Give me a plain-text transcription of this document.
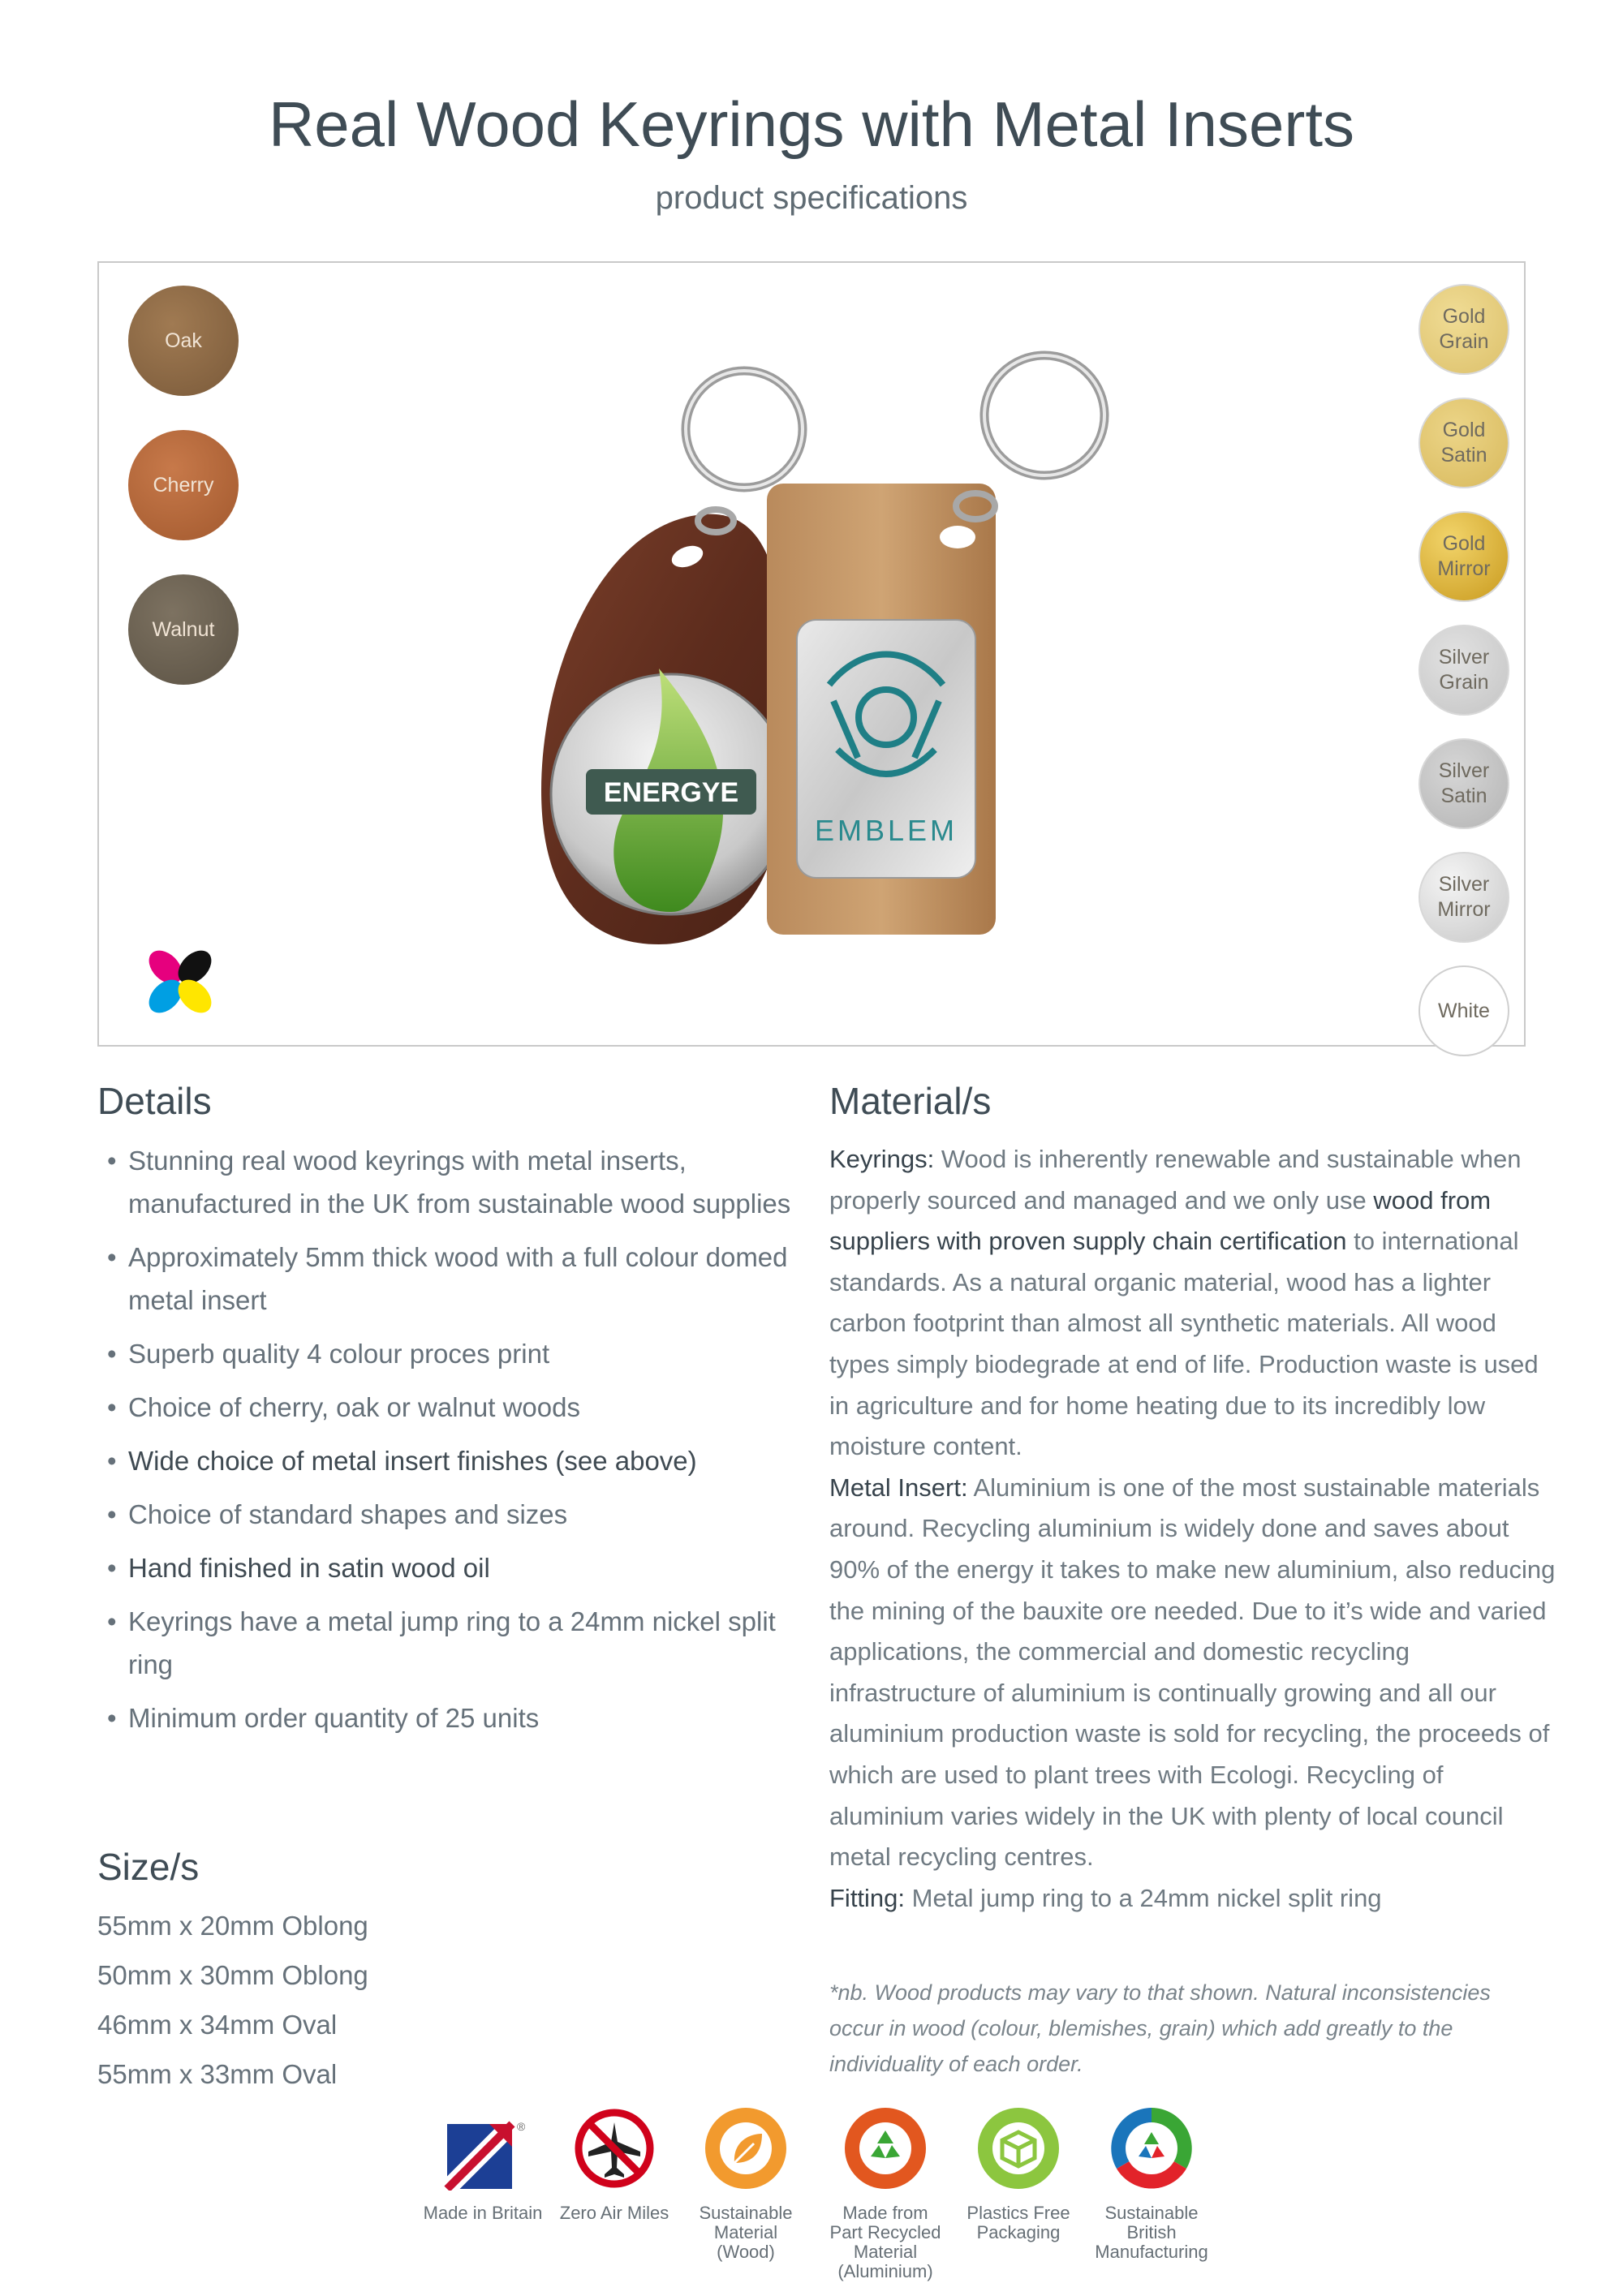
Real Wood Keyrings with Metal Inserts
product specifications
Oak
Cherry
Walnut
Gold Grain
Gold Satin
Gold Mirror
Silver Grain
Silver Satin
Silver Mirror
White
ENERGYE
EMBLEM
Details
• Stunning real wood keyrings with metal inserts, manufactured in the UK from sustainable wood supplies
• Approximately 5mm thick wood with a full colour domed metal insert
• Superb quality 4 colour proces print
• Choice of cherry, oak or walnut woods
• Wide choice of metal insert finishes (see above)
• Choice of standard shapes and sizes
• Hand finished in satin wood oil
• Keyrings have a metal jump ring to a 24mm nickel split ring
• Minimum order quantity of 25 units
Size/s
55mm x 20mm Oblong
50mm x 30mm Oblong
46mm x 34mm Oval
55mm x 33mm Oval
Material/s
Keyrings: Wood is inherently renewable and sustainable when properly sourced and managed and we only use wood from suppliers with proven supply chain certification to international standards. As a natural organic material, wood has a lighter carbon footprint than almost all synthetic materials. All wood types simply biodegrade at end of life. Production waste is used in agriculture and for home heating due to its incredibly low moisture content.
Metal Insert: Aluminium is one of the most sustainable materials around. Recycling aluminium is widely done and saves about 90% of the energy it takes to make new aluminium, also reducing the mining of the bauxite ore needed. Due to it’s wide and varied applications, the commercial and domestic recycling infrastructure of aluminium is continually growing and all our aluminium production waste is sold for recycling, the proceeds of which are used to plant trees with Ecologi. Recycling of aluminium varies widely in the UK with plenty of local council metal recycling centres.
Fitting: Metal jump ring to a 24mm nickel split ring
*nb. Wood products may vary to that shown. Natural inconsistencies occur in wood (colour, blemishes, grain) which add greatly to the individuality of each order.
®
Made in Britain Zero Air Miles	Sustainable Material (Wood)
Made from Part Recycled Material (Aluminium)
Plastics Free Packaging
Sustainable British Manufacturing
